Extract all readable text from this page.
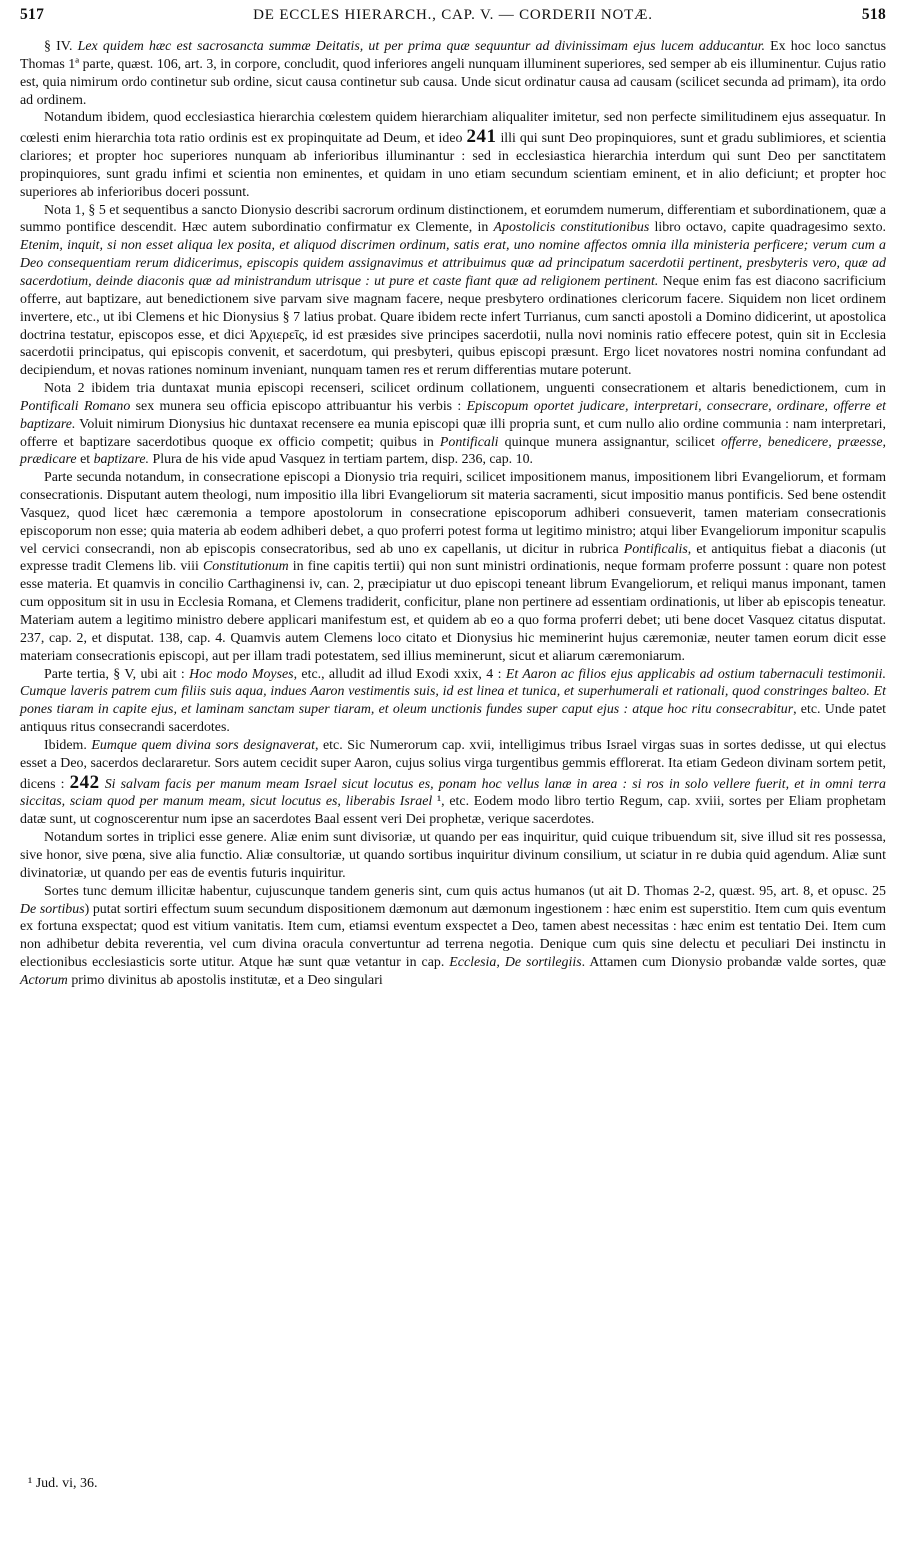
517	DE ECCLES HIERARCH., CAP. V. — CORDERII NOTÆ.	518

§ IV. Lex quidem hæc est sacrosancta summæ Deitatis, ut per prima quæ sequuntur ad divinissimam ejus lucem adducantur. Ex hoc loco sanctus Thomas 1ª parte, quæst. 106, art. 3, in corpore, concludit, quod inferiores angeli nunquam illuminent superiores, sed semper ab eis illuminentur. Cujus ratio est, quia nimirum ordo continetur sub ordine, sicut causa continetur sub causa. Unde sicut ordinatur causa ad causam (scilicet secunda ad primam), ita ordo ad ordinem.

Notandum ibidem, quod ecclesiastica hierarchia cœlestem quidem hierarchiam aliqualiter imitetur, sed non perfecte similitudinem ejus assequatur. In cœlesti enim hierarchia tota ratio ordinis est ex propinquitate ad Deum, et ideo 241 illi qui sunt Deo propinquiores, sunt et gradu sublimiores, et scientia clariores; et propter hoc superiores nunquam ab inferioribus illuminantur : sed in ecclesiastica hierarchia interdum qui sunt Deo per sanctitatem propinquiores, sunt gradu infimi et scientia non eminentes, et quidam in uno etiam secundum scientiam eminent, et in alio deficiunt; et propter hoc superiores ab inferioribus doceri possunt.

Nota 1, § 5 et sequentibus a sancto Dionysio describi sacrorum ordinum distinctionem, et eorumdem numerum, differentiam et subordinationem, quæ a summo pontifice descendit. Hæc autem subordinatio confirmatur ex Clemente, in Apostolicis constitutionibus libro octavo, capite quadragesimo sexto. Etenim, inquit, si non esset aliqua lex posita, et aliquod discrimen ordinum, satis erat, uno nomine affectos omnia illa ministeria perficere; verum cum a Deo consequentiam rerum didicerimus, episcopis quidem assignavimus et attribuimus quæ ad principatum sacerdotii pertinent, presbyteris vero, quæ ad sacerdotium, deinde diaconis quæ ad ministrandum utrisque : ut pure et caste fiant quæ ad religionem pertinent. Neque enim fas est diacono sacrificium offerre, aut baptizare, aut benedictionem sive parvam sive magnam facere, neque presbytero ordinationes clericorum facere. Siquidem non licet ordinem invertere, etc., ut ibi Clemens et hic Dionysius § 7 latius probat. Quare ibidem recte infert Turrianus, cum sancti apostoli a Domino didicerint, ut apostolica doctrina testatur, episcopos esse, et dici Ἀρχιερεῖς, id est præsides sive principes sacerdotii, nulla novi nominis ratio effecere potest, quin sit in Ecclesia sacerdotii principatus, qui episcopis convenit, et sacerdotum, qui presbyteri, quibus episcopi præsunt. Ergo licet novatores nostri nomina confundant ad decipiendum, et novas rationes nominum inveniant, nunquam tamen res et rerum differentias mutare poterunt.

Nota 2 ibidem tria duntaxat munia episcopi recenseri, scilicet ordinum collationem, unguenti consecrationem et altaris benedictionem, cum in Pontificali Romano sex munera seu officia episcopo attribuantur his verbis : Episcopum oportet judicare, interpretari, consecrare, ordinare, offerre et baptizare. Voluit nimirum Dionysius hic duntaxat recensere ea munia episcopi quæ illi propria sunt, et cum nullo alio ordine communia : nam interpretari, offerre et baptizare sacerdotibus quoque ex officio competit; quibus in Pontificali quinque munera assignantur, scilicet offerre, benedicere, præesse, prædicare et baptizare. Plura de his vide apud Vasquez in tertiam partem, disp. 236, cap. 10.

Parte secunda notandum, in consecratione episcopi a Dionysio tria requiri, scilicet impositionem manus, impositionem libri Evangeliorum, et formam consecrationis. Disputant autem theologi, num impositio illa libri Evangeliorum sit materia sacramenti, sicut impositio manus pontificis. Sed bene ostendit Vasquez, quod licet hæc cæremonia a tempore apostolorum in consecratione episcoporum adhiberi consueverit, tamen materiam consecrationis episcoporum non esse; quia materia ab eodem adhiberi debet, a quo proferri potest forma ut legitimo ministro; atqui liber Evangeliorum imponitur scapulis vel cervici consecrandi, non ab episcopis consecratoribus, sed ab uno ex capellanis, ut dicitur in rubrica Pontificalis, et antiquitus fiebat a diaconis (ut expresse tradit Clemens lib. viii Constitutionum in fine capitis tertii) qui non sunt ministri ordinationis, neque formam proferre possunt : quare non potest esse materia. Et quamvis in concilio Carthaginensi iv, can. 2, præcipiatur ut duo episcopi teneant librum Evangeliorum, et reliqui manus imponant, tamen cum oppositum sit in usu in Ecclesia Romana, et Clemens tradiderit, conficitur, plane non pertinere ad essentiam ordinationis, ut liber ab episcopis teneatur. Materiam autem a legitimo ministro debere applicari manifestum est, et quidem ab eo a quo forma proferri debet; uti bene docet Vasquez citatus disputat. 237, cap. 2, et disputat. 138, cap. 4. Quamvis autem Clemens loco citato et Dionysius hic meminerint hujus cæremoniæ, neuter tamen eorum dicit esse materiam consecrationis episcopi, aut per illam tradi potestatem, sed illius meminerunt, sicut et aliarum cæremoniarum.

Parte tertia, § V, ubi ait : Hoc modo Moyses, etc., alludit ad illud Exodi xxix, 4 : Et Aaron ac filios ejus applicabis ad ostium tabernaculi testimonii. Cumque laveris patrem cum filiis suis aqua, indues Aaron vestimentis suis, id est linea et tunica, et superhumerali et rationali, quod constringes balteo. Et pones tiaram in capite ejus, et laminam sanctam super tiaram, et oleum unctionis fundes super caput ejus : atque hoc ritu consecrabitur, etc. Unde patet antiquus ritus consecrandi sacerdotes.

Ibidem. Eumque quem divina sors designaverat, etc. Sic Numerorum cap. xvii, intelligimus tribus Israel virgas suas in sortes dedisse, ut qui electus esset a Deo, sacerdos declararetur. Sors autem cecidit super Aaron, cujus solius virga turgentibus gemmis efflorerat. Ita etiam Gedeon divinam sortem petit, dicens : 242 Si salvam facis per manum meam Israel sicut locutus es, ponam hoc vellus lanæ in area : si ros in solo vellere fuerit, et in omni terra siccitas, sciam quod per manum meam, sicut locutus es, liberabis Israel ¹, etc. Eodem modo libro tertio Regum, cap. xviii, sortes per Eliam prophetam datæ sunt, ut cognoscerentur num ipse an sacerdotes Baal essent veri Dei prophetæ, verique sacerdotes.

Notandum sortes in triplici esse genere. Aliæ enim sunt divisoriæ, ut quando per eas inquiritur, quid cuique tribuendum sit, sive illud sit res possessa, sive honor, sive pœna, sive alia functio. Aliæ consultoriæ, ut quando sortibus inquiritur divinum consilium, ut sciatur in re dubia quid agendum. Aliæ sunt divinatoriæ, ut quando per eas de eventis futuris inquiritur.

Sortes tunc demum illicitæ habentur, cujuscunque tandem generis sint, cum quis actus humanos (ut ait D. Thomas 2-2, quæst. 95, art. 8, et opusc. 25 De sortibus) putat sortiri effectum suum secundum dispositionem dæmonum aut dæmonum ingestionem : hæc enim est superstitio. Item cum quis eventum ex fortuna exspectat; quod est vitium vanitatis. Item cum, etiamsi eventum exspectet a Deo, tamen abest necessitas : hæc enim est tentatio Dei. Item cum non adhibetur debita reverentia, vel cum divina oracula convertuntur ad terrena negotia. Denique cum quis sine delectu et peculiari Dei instinctu in electionibus ecclesiasticis sorte utitur. Atque hæ sunt quæ vetantur in cap. Ecclesia, De sortilegiis. Attamen cum Dionysio probandæ valde sortes, quæ Actorum primo divinitus ab apostolis institutæ, et a Deo singulari

¹ Jud. vi, 36.
